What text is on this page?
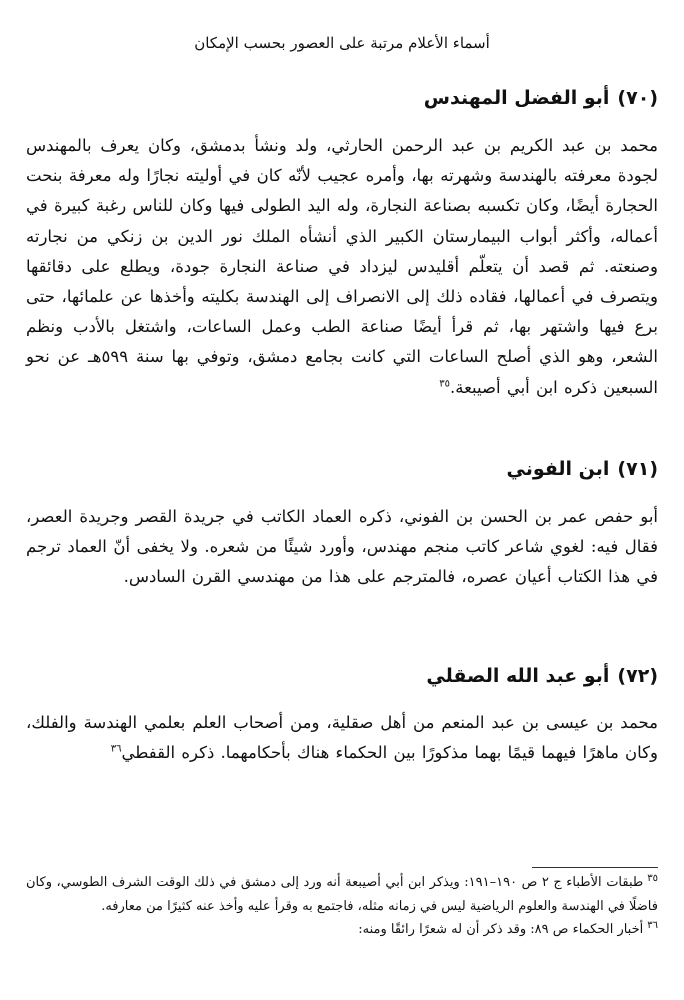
أسماء الأعلام مرتبة على العصور بحسب الإمكان
(٧٠)أبو الفضل المهندس
محمد بن عبد الكريم بن عبد الرحمن الحارثي، ولد ونشأ بدمشق، وكان يعرف بالمهندس لجودة معرفته بالهندسة وشهرته بها، وأمره عجيب لأنّه كان في أوليته نجارًا وله معرفة بنحت الحجارة أيضًا، وكان تكسبه بصناعة النجارة، وله اليد الطولى فيها وكان للناس رغبة كبيرة في أعماله، وأكثر أبواب البيمارستان الكبير الذي أنشأه الملك نور الدين بن زنكي من نجارته وصنعته. ثم قصد أن يتعلّم أقليدس ليزداد في صناعة النجارة جودة، ويطلع على دقائقها ويتصرف في أعمالها، فقاده ذلك إلى الانصراف إلى الهندسة بكليته وأخذها عن علمائها، حتى برع فيها واشتهر بها، ثم قرأ أيضًا صناعة الطب وعمل الساعات، واشتغل بالأدب ونظم الشعر، وهو الذي أصلح الساعات التي كانت بجامع دمشق، وتوفي بها سنة ٥٩٩هـ عن نحو السبعين ذكره ابن أبي أصيبعة.$^{٣٥}$
(٧١)ابن الفوني
أبو حفص عمر بن الحسن بن الفوني، ذكره العماد الكاتب في جريدة القصر وجريدة العصر، فقال فيه: لغوي شاعر كاتب منجم مهندس، وأورد شيئًا من شعره. ولا يخفى أنّ العماد ترجم في هذا الكتاب أعيان عصره، فالمترجم على هذا من مهندسي القرن السادس.
(٧٢)أبو عبد الله الصقلي
محمد بن عيسى بن عبد المنعم من أهل صقلية، ومن أصحاب العلم بعلمي الهندسة والفلك، وكان ماهرًا فيهما قيمًا بهما مذكورًا بين الحكماء هناك بأحكامهما. ذكره القفطي$^{٣٦}$
$^{٣٥}$طبقات الأطباء ج ٢ ص ١٩٠–١٩١: ويذكر ابن أبي أصيبعة أنه ورد إلى دمشق في ذلك الوقت الشرف الطوسي، وكان فاضلًا في الهندسة والعلوم الرياضية ليس في زمانه مثله، فاجتمع به وقرأ عليه وأخذ عنه كثيرًا من معارفه.
$^{٣٦}$أخبار الحكماء ص ٨٩: وقد ذكر أن له شعرًا رائقًا ومنه:
